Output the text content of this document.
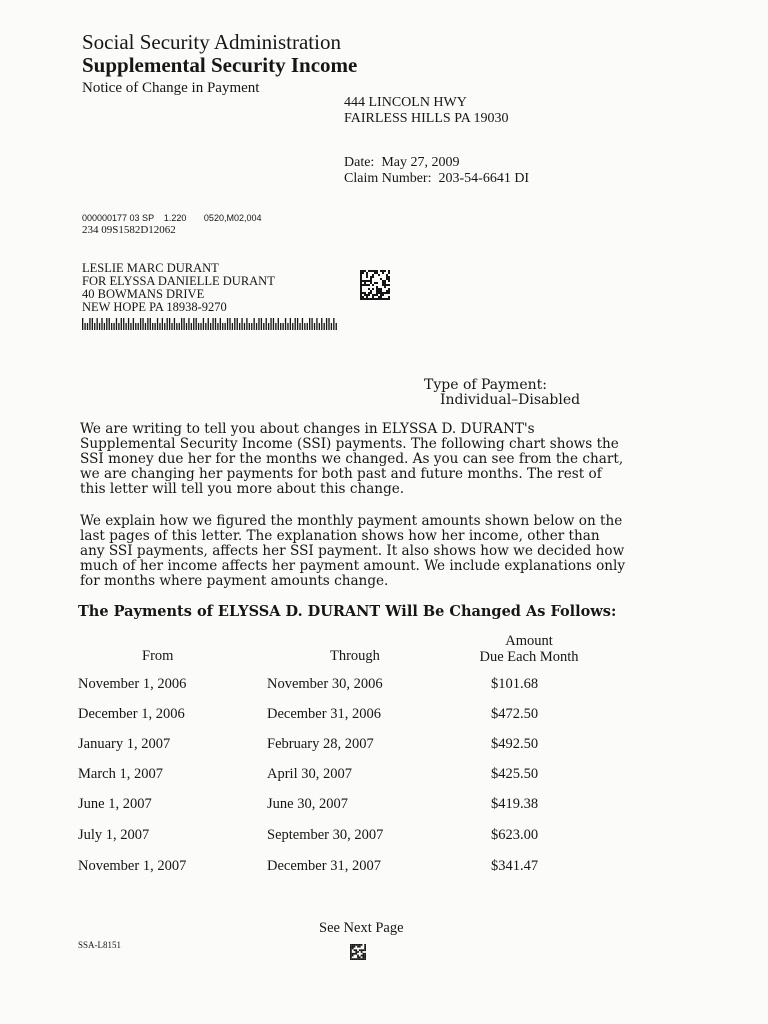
Social Security Administration
Supplemental Security Income
Notice of Change in Payment
444 LINCOLN HWY
FAIRLESS HILLS PA 19030
Date: May 27, 2009
Claim Number: 203-54-6641 DI
000000177 03 SP    1.220       0520,M02,004
234 09S1582D12062
LESLIE MARC DURANT
FOR ELYSSA DANIELLE DURANT
40 BOWMANS DRIVE
NEW HOPE PA 18938-9270
Type of Payment:
Individual–Disabled
We are writing to tell you about changes in ELYSSA D. DURANT's
Supplemental Security Income (SSI) payments. The following chart shows the
SSI money due her for the months we changed. As you can see from the chart,
we are changing her payments for both past and future months. The rest of
this letter will tell you more about this change.
We explain how we figured the monthly payment amounts shown below on the
last pages of this letter. The explanation shows how her income, other than
any SSI payments, affects her SSI payment. It also shows how we decided how
much of her income affects her payment amount. We include explanations only
for months where payment amounts change.
The Payments of ELYSSA D. DURANT Will Be Changed As Follows:
From	Through
Amount
Due Each Month
November 1, 2006	November 30, 2006	$101.68
December 1, 2006	December 31, 2006	$472.50
January 1, 2007	February 28, 2007	$492.50
March 1, 2007	April 30, 2007	$425.50
June 1, 2007	June 30, 2007	$419.38
July 1, 2007	September 30, 2007	$623.00
November 1, 2007	December 31, 2007	$341.47
See Next Page
SSA-L8151
